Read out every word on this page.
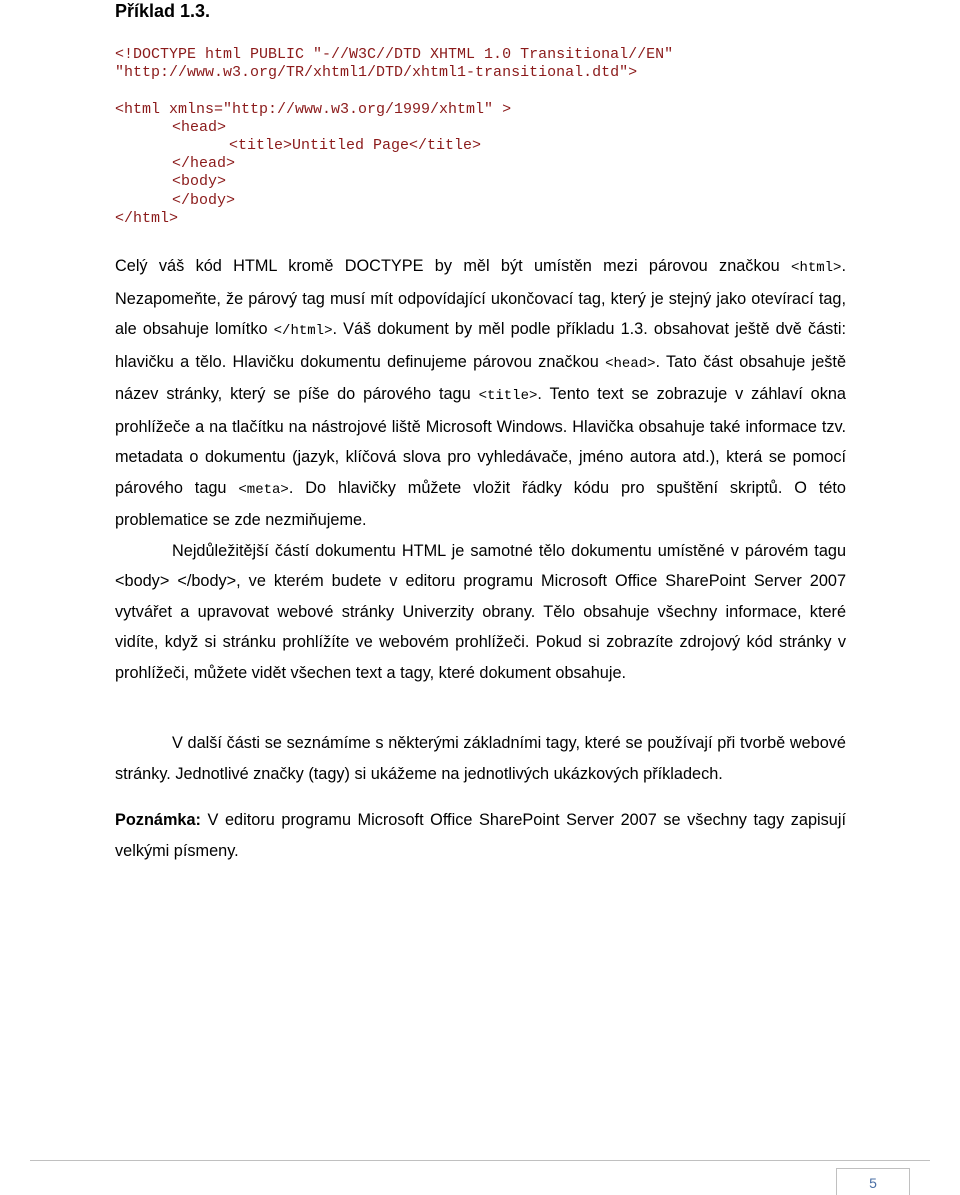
Příklad 1.3.
<!DOCTYPE html PUBLIC "-//W3C//DTD XHTML 1.0 Transitional//EN"
"http://www.w3.org/TR/xhtml1/DTD/xhtml1-transitional.dtd">
<html xmlns="http://www.w3.org/1999/xhtml" >
<head>
<title>Untitled Page</title>
</head>
<body>
</body>
</html>

Celý váš kód HTML kromě DOCTYPE by měl být umístěn mezi párovou značkou <html>. Nezapomeňte, že párový tag musí mít odpovídající ukončovací tag, který je stejný jako otevírací tag, ale obsahuje lomítko </html>. Váš dokument by měl podle příkladu 1.3. obsahovat ještě dvě části: hlavičku a tělo. Hlavičku dokumentu definujeme párovou značkou <head>. Tato část obsahuje ještě název stránky, který se píše do párového tagu <title>. Tento text se zobrazuje v záhlaví okna prohlížeče a na tlačítku na nástrojové liště Microsoft Windows. Hlavička obsahuje také informace tzv. metadata o dokumentu (jazyk, klíčová slova pro vyhledávače, jméno autora atd.), která se pomocí párového tagu <meta>. Do hlavičky můžete vložit řádky kódu pro spuštění skriptů. O této problematice se zde nezmiňujeme.

Nejdůležitější částí dokumentu HTML je samotné tělo dokumentu umístěné v párovém tagu <body> </body>, ve kterém budete v editoru programu Microsoft Office SharePoint Server 2007 vytvářet a upravovat webové stránky Univerzity obrany. Tělo obsahuje všechny informace, které vidíte, když si stránku prohlížíte ve webovém prohlížeči. Pokud si zobrazíte zdrojový kód stránky v prohlížeči, můžete vidět všechen text a tagy, které dokument obsahuje.

V další části se seznámíme s některými základními tagy, které se používají při tvorbě webové stránky. Jednotlivé značky (tagy) si ukážeme na jednotlivých ukázkových příkladech.

Poznámka: V editoru programu Microsoft Office SharePoint Server 2007 se všechny tagy zapisují velkými písmeny.

5
